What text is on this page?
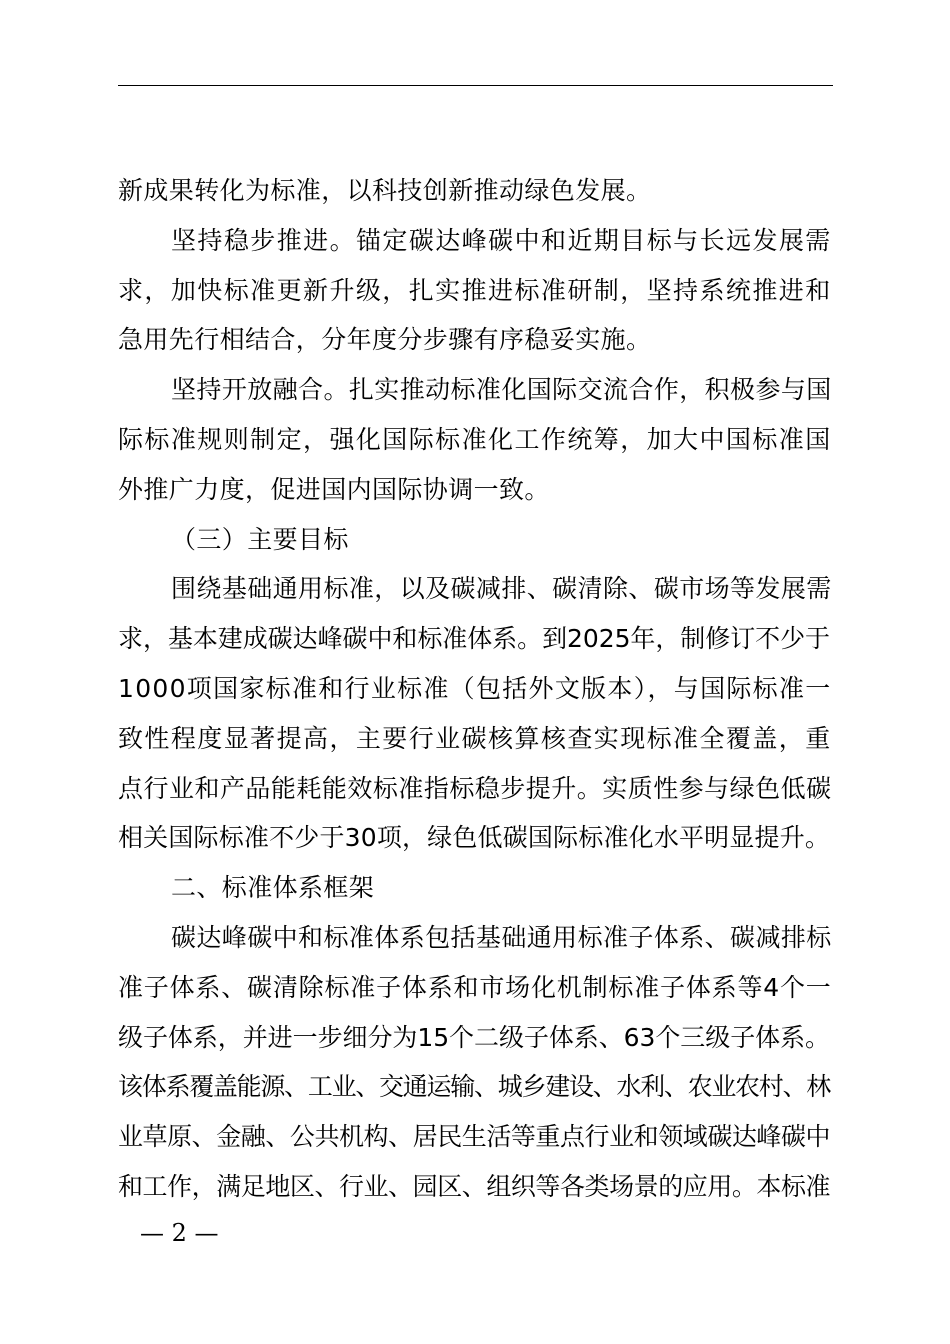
新成果转化为标准，以科技创新推动绿色发展。
坚持稳步推进。锚定碳达峰碳中和近期目标与长远发展需
求，加快标准更新升级，扎实推进标准研制，坚持系统推进和
急用先行相结合，分年度分步骤有序稳妥实施。
坚持开放融合。扎实推动标准化国际交流合作，积极参与国
际标准规则制定，强化国际标准化工作统筹，加大中国标准国
外推广力度，促进国内国际协调一致。
（三）主要目标
围绕基础通用标准，以及碳减排、碳清除、碳市场等发展需
求，基本建成碳达峰碳中和标准体系。到2025年，制修订不少于
1000项国家标准和行业标准（包括外文版本），与国际标准一
致性程度显著提高，主要行业碳核算核查实现标准全覆盖，重
点行业和产品能耗能效标准指标稳步提升。实质性参与绿色低碳
相关国际标准不少于30项，绿色低碳国际标准化水平明显提升。
二、标准体系框架
碳达峰碳中和标准体系包括基础通用标准子体系、碳减排标
准子体系、碳清除标准子体系和市场化机制标准子体系等4个一
级子体系，并进一步细分为15个二级子体系、63个三级子体系。
该体系覆盖能源、工业、交通运输、城乡建设、水利、农业农村、林
业草原、金融、公共机构、居民生活等重点行业和领域碳达峰碳中
和工作，满足地区、行业、园区、组织等各类场景的应用。本标准
— 2 —
